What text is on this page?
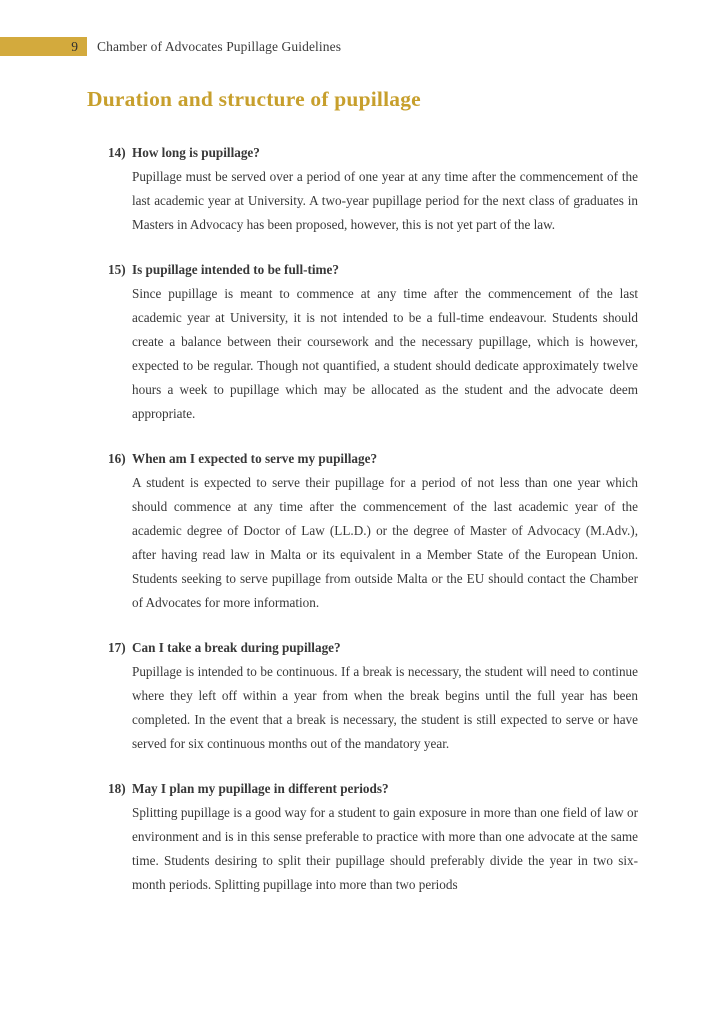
9 Chamber of Advocates Pupillage Guidelines
Duration and structure of pupillage
14) How long is pupillage?

Pupillage must be served over a period of one year at any time after the commencement of the last academic year at University. A two-year pupillage period for the next class of graduates in Masters in Advocacy has been proposed, however, this is not yet part of the law.

15) Is pupillage intended to be full-time?

Since pupillage is meant to commence at any time after the commencement of the last academic year at University, it is not intended to be a full-time endeavour. Students should create a balance between their coursework and the necessary pupillage, which is however, expected to be regular. Though not quantified, a student should dedicate approximately twelve hours a week to pupillage which may be allocated as the student and the advocate deem appropriate.

16) When am I expected to serve my pupillage?

A student is expected to serve their pupillage for a period of not less than one year which should commence at any time after the commencement of the last academic year of the academic degree of Doctor of Law (LL.D.) or the degree of Master of Advocacy (M.Adv.), after having read law in Malta or its equivalent in a Member State of the European Union. Students seeking to serve pupillage from outside Malta or the EU should contact the Chamber of Advocates for more information.

17) Can I take a break during pupillage?

Pupillage is intended to be continuous. If a break is necessary, the student will need to continue where they left off within a year from when the break begins until the full year has been completed. In the event that a break is necessary, the student is still expected to serve or have served for six continuous months out of the mandatory year.

18) May I plan my pupillage in different periods?

Splitting pupillage is a good way for a student to gain exposure in more than one field of law or environment and is in this sense preferable to practice with more than one advocate at the same time. Students desiring to split their pupillage should preferably divide the year in two six-month periods. Splitting pupillage into more than two periods
